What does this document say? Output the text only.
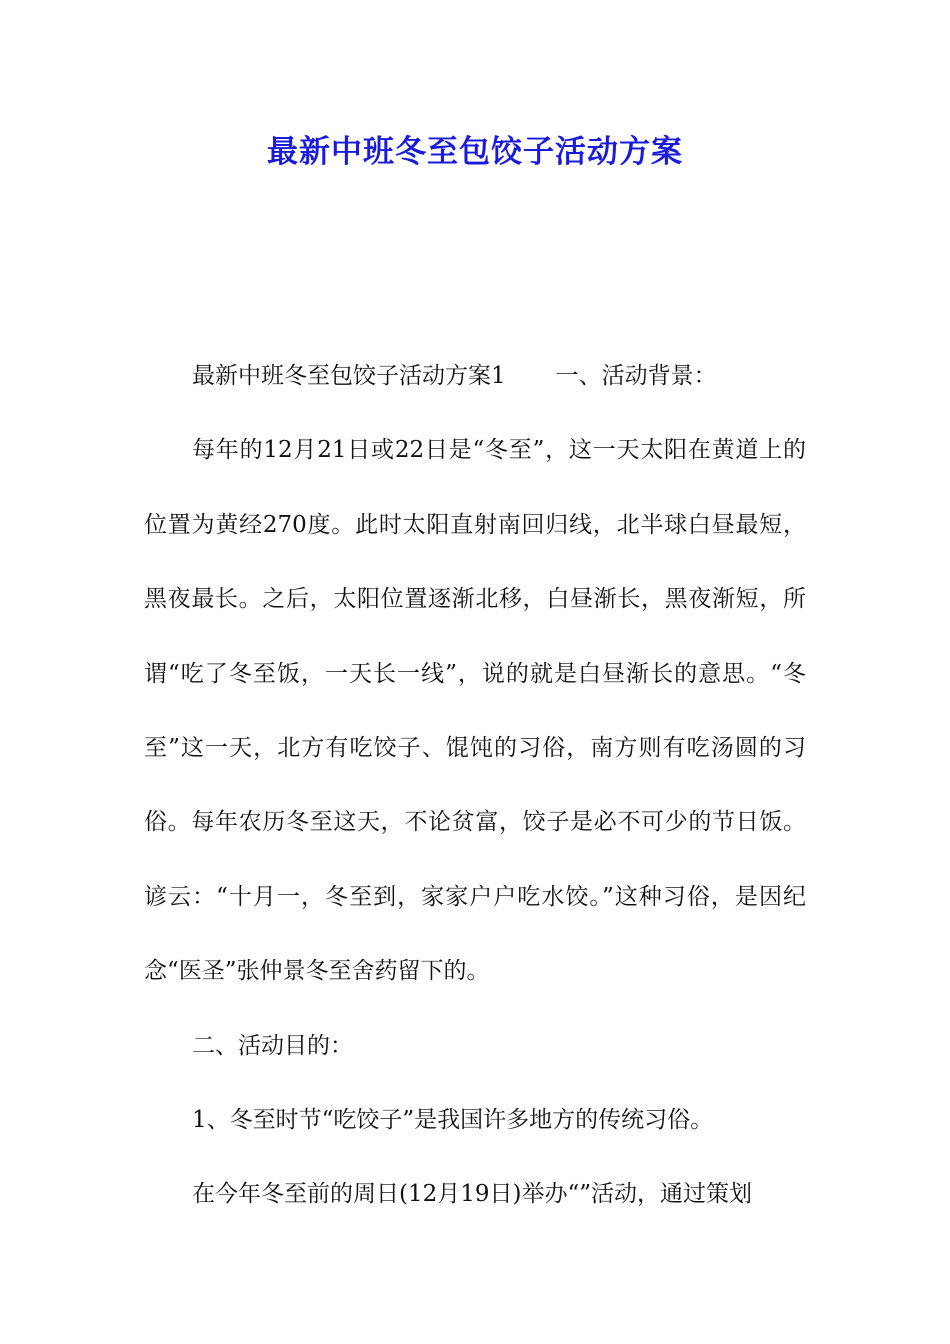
最新中班冬至包饺子活动方案

最新中班冬至包饺子活动方案1 一、活动背景：

每年的12月21日或22日是“冬至”，这一天太阳在黄道上的位置为黄经270度。此时太阳直射南回归线，北半球白昼最短，黑夜最长。之后，太阳位置逐渐北移，白昼渐长，黑夜渐短，所谓“吃了冬至饭，一天长一线”，说的就是白昼渐长的意思。“冬至”这一天，北方有吃饺子、馄饨的习俗，南方则有吃汤圆的习俗。每年农历冬至这天，不论贫富，饺子是必不可少的节日饭。谚云：“十月一，冬至到，家家户户吃水饺。”这种习俗，是因纪念“医圣”张仲景冬至舍药留下的。

二、活动目的：

1、冬至时节“吃饺子”是我国许多地方的传统习俗。

在今年冬至前的周日(12月19日)举办“”活动，通过策划
